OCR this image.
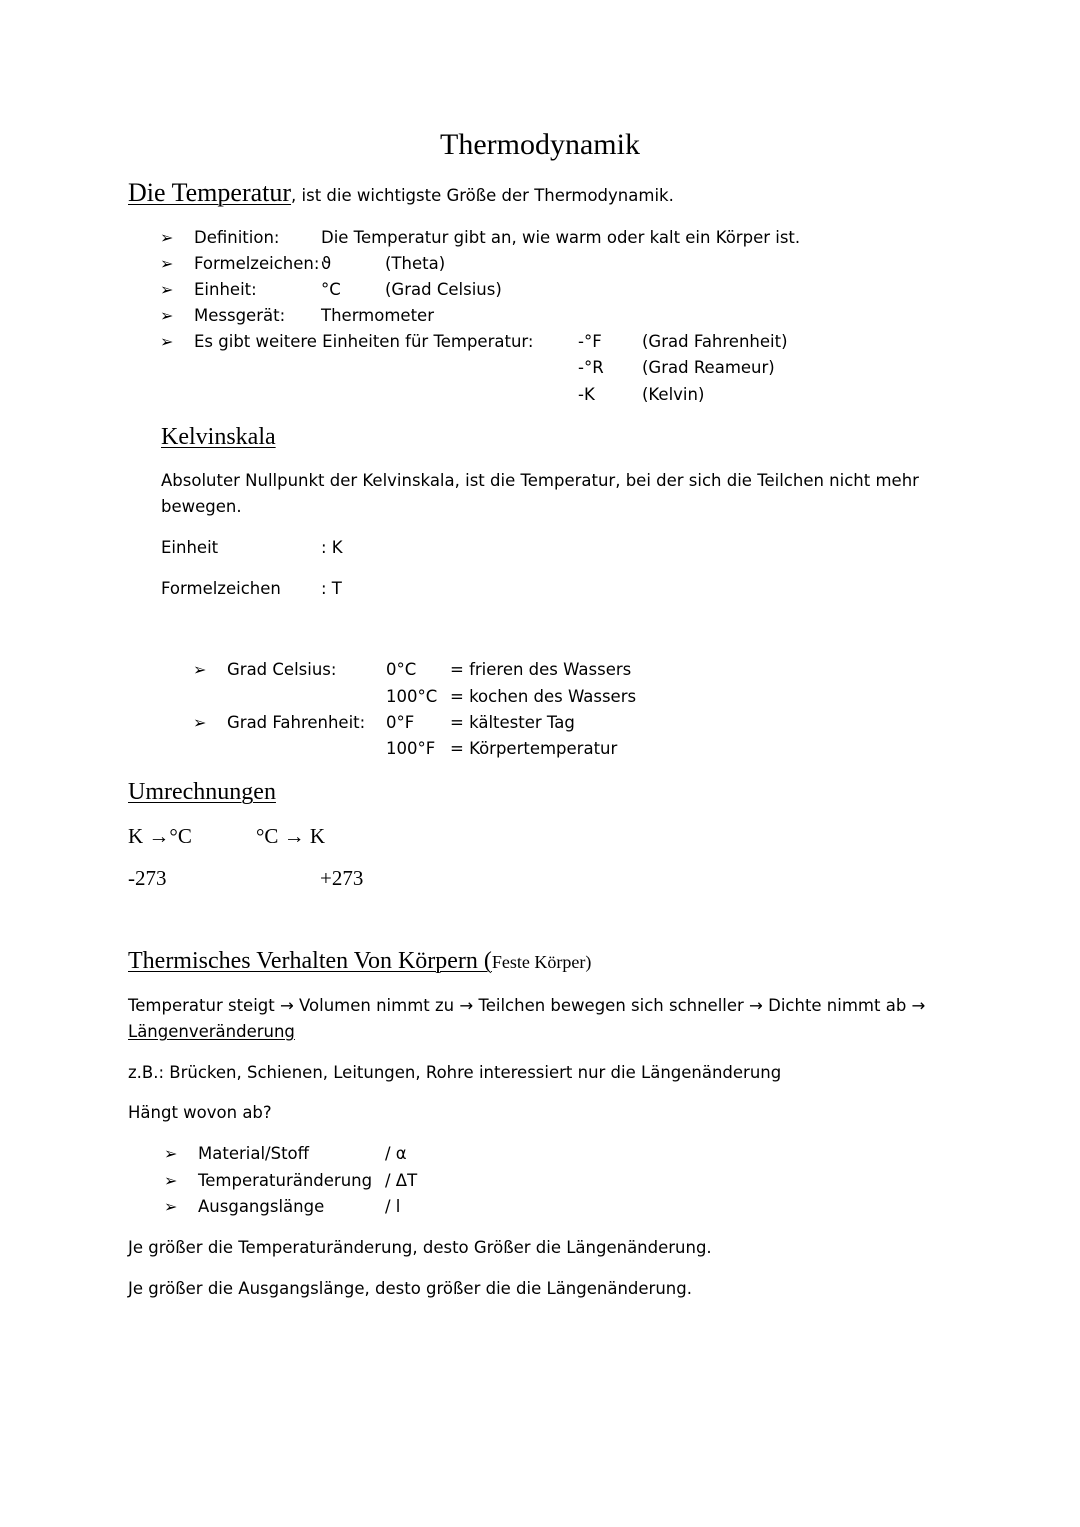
Thermodynamik
Die Temperatur, ist die wichtigste Größe der Thermodynamik.
➢ Definition:	Die Temperatur gibt an, wie warm oder kalt ein Körper ist.
➢ Formelzeichen: ϑ	(Theta)
➢ Einheit:	°C	(Grad Celsius)
➢ Messgerät: Thermometer
➢ Es gibt weitere Einheiten für Temperatur:	-°F (Grad Fahrenheit)
-°R (Grad Reameur)
-K	(Kelvin)
Kelvinskala
Absoluter Nullpunkt der Kelvinskala, ist die Temperatur, bei der sich die Teilchen nicht mehr
bewegen.
Einheit	: K
Formelzeichen : T
➢ Grad Celsius:	0°C = frieren des Wassers
100°C = kochen des Wassers
➢ Grad Fahrenheit: 0°F = kältester Tag
100°F = Körpertemperatur
Umrechnungen
K →°C	°C → K
-273	+273
Thermisches Verhalten Von Körpern (Feste Körper)
Temperatur steigt → Volumen nimmt zu → Teilchen bewegen sich schneller → Dichte nimmt ab →
Längenveränderung
z.B.: Brücken, Schienen, Leitungen, Rohre interessiert nur die Längenänderung
Hängt wovon ab?
➢ Material/Stoff	/ α
➢ Temperaturänderung / ΔT
➢ Ausgangslänge	/ l
Je größer die Temperaturänderung, desto Größer die Längenänderung.
Je größer die Ausgangslänge, desto größer die die Längenänderung.
